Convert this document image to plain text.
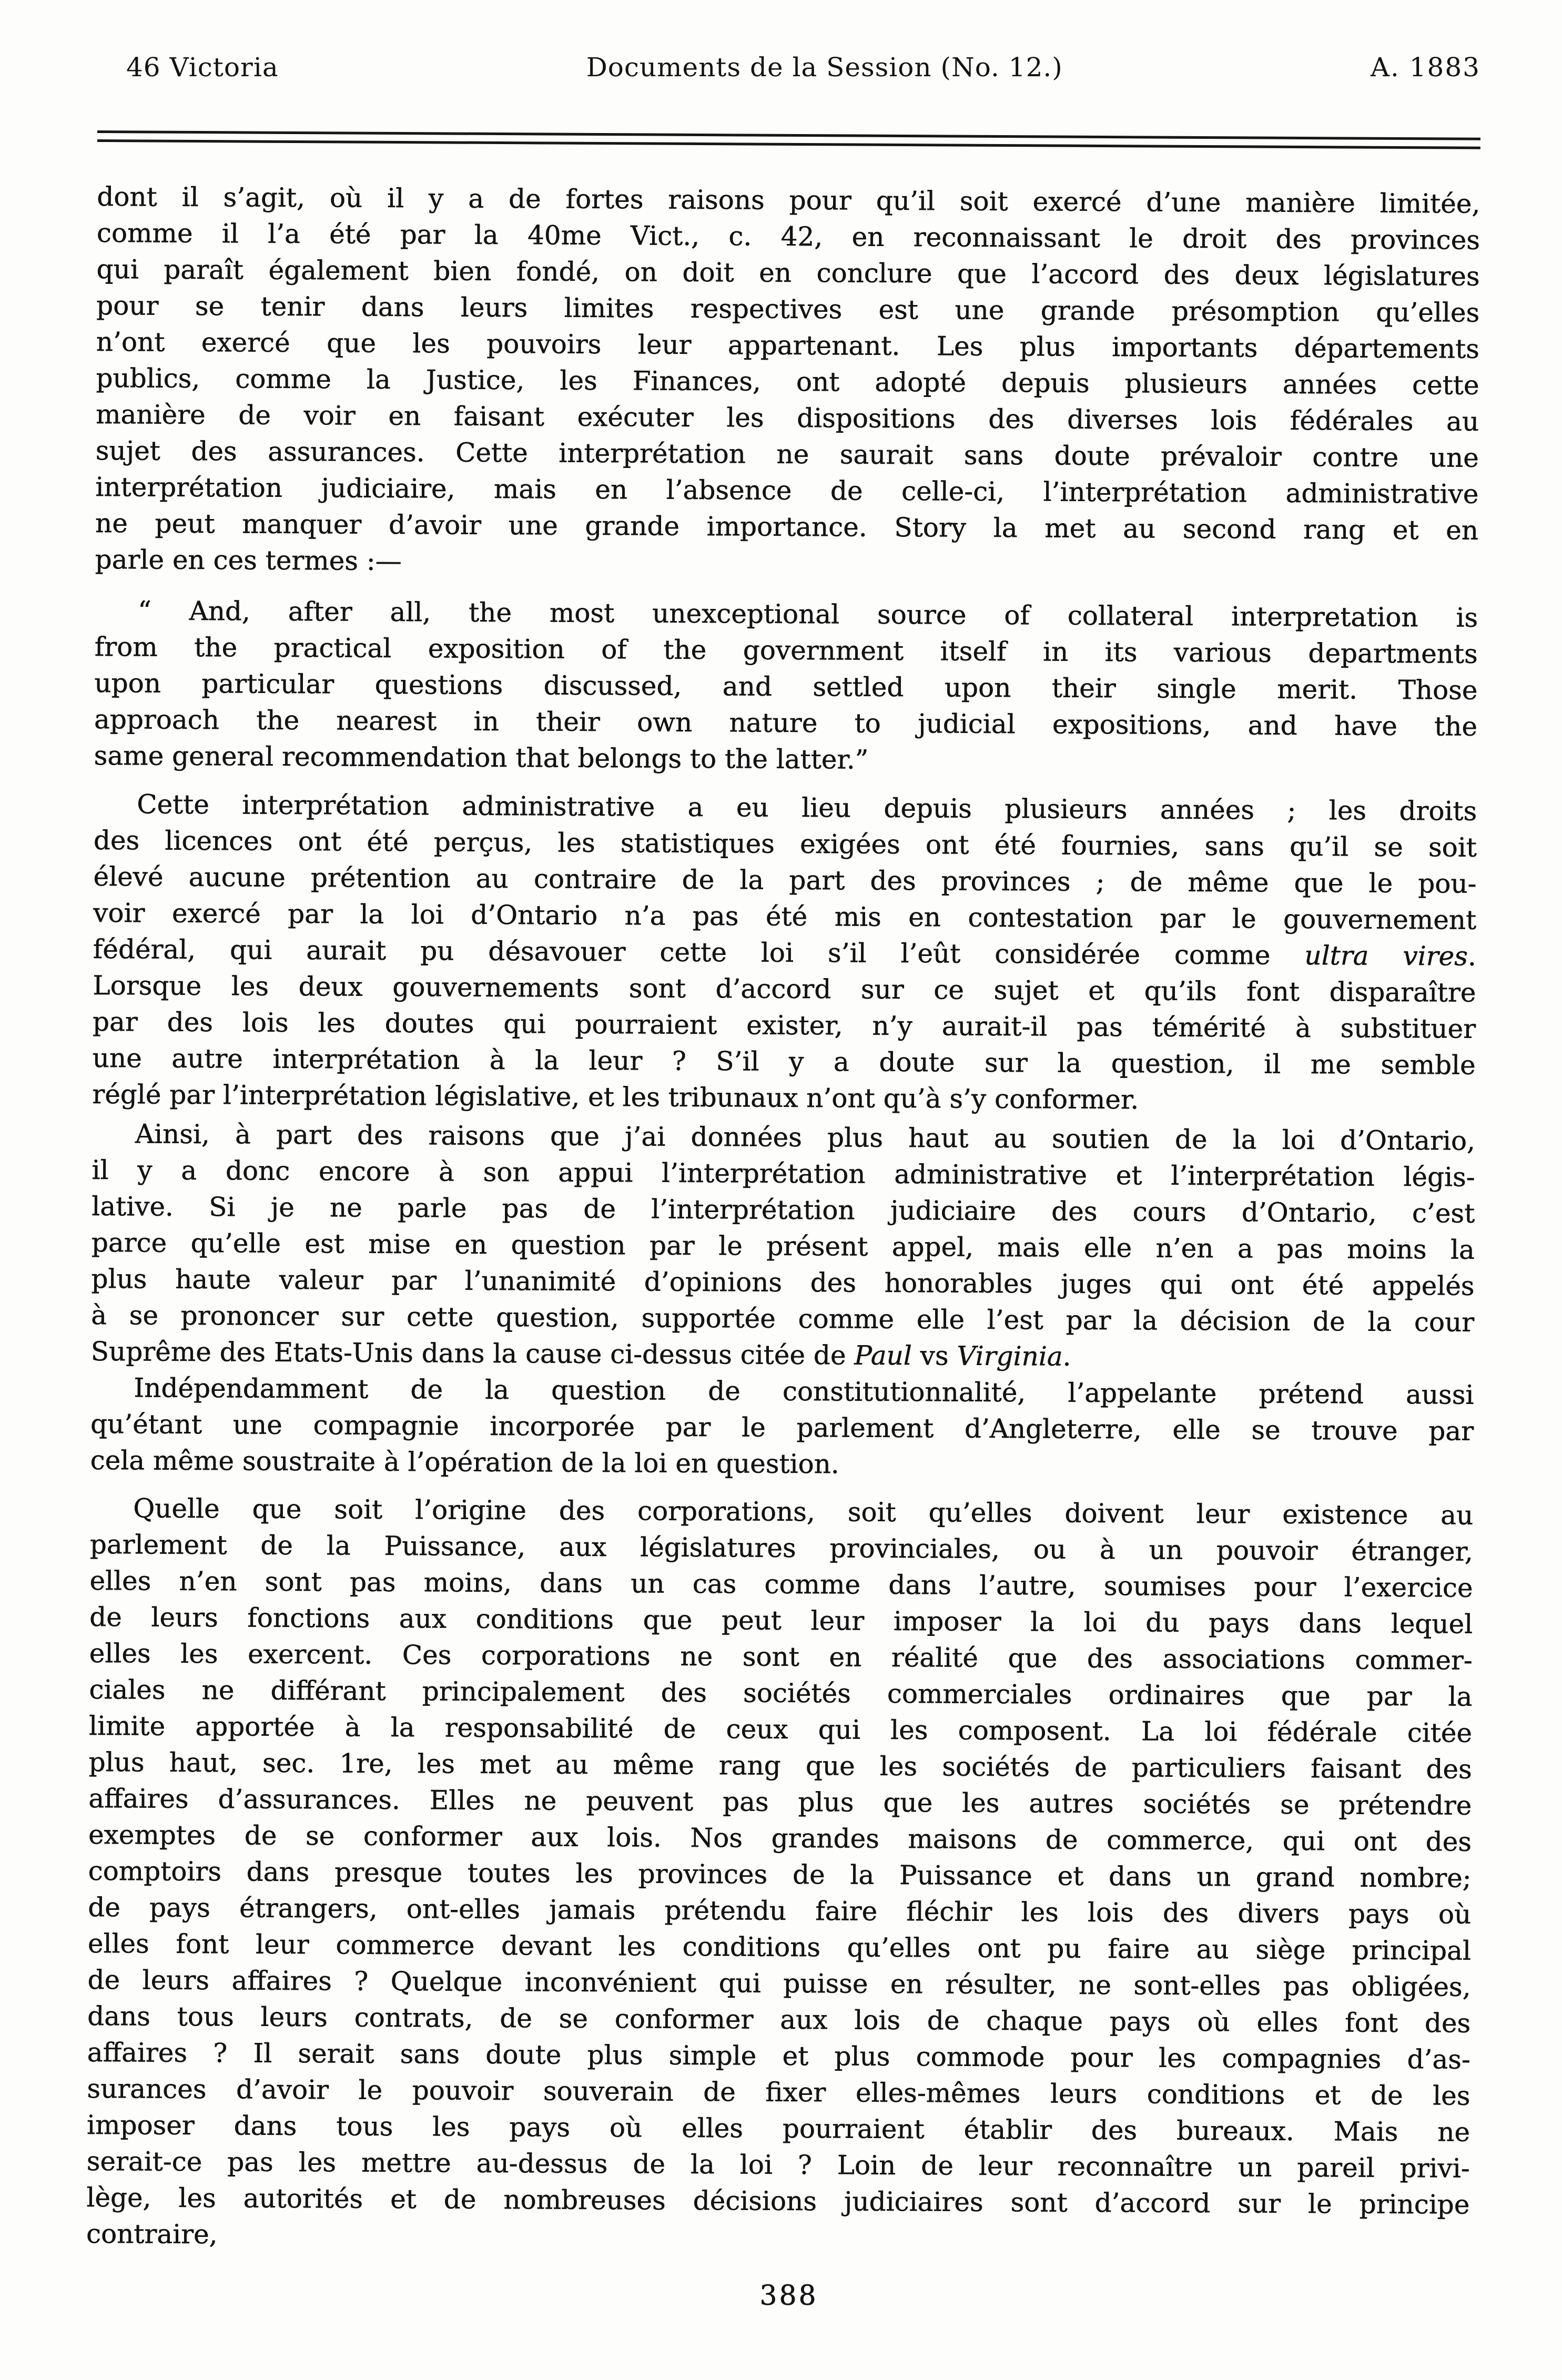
46 Victoria	Documents de la Session (No. 12.)	A. 1883
dont il s’agit, où il y a de fortes raisons pour qu’il soit exercé d’une manière limitée,
comme il l’a été par la 40me Vict., c. 42, en reconnaissant le droit des provinces
qui paraît également bien fondé, on doit en conclure que l’accord des deux législatures
pour se tenir dans leurs limites respectives est une grande présomption qu’elles
n’ont exercé que les pouvoirs leur appartenant. Les plus importants départements
publics, comme la Justice, les Finances, ont adopté depuis plusieurs années cette
manière de voir en faisant exécuter les dispositions des diverses lois fédérales au
sujet des assurances. Cette interprétation ne saurait sans doute prévaloir contre une
interprétation judiciaire, mais en l’absence de celle-ci, l’interprétation administrative
ne peut manquer d’avoir une grande importance. Story la met au second rang et en
parle en ces termes :—
“ And, after all, the most unexceptional source of collateral interpretation is
from the practical exposition of the government itself in its various departments
upon particular questions discussed, and settled upon their single merit. Those
approach the nearest in their own nature to judicial expositions, and have the
same general recommendation that belongs to the latter.”
Cette interprétation administrative a eu lieu depuis plusieurs années ; les droits
des licences ont été perçus, les statistiques exigées ont été fournies, sans qu’il se soit
élevé aucune prétention au contraire de la part des provinces ; de même que le pou-
voir exercé par la loi d’Ontario n’a pas été mis en contestation par le gouvernement
fédéral, qui aurait pu désavouer cette loi s’il l’eût considérée comme ultra vires.
Lorsque les deux gouvernements sont d’accord sur ce sujet et qu’ils font disparaître
par des lois les doutes qui pourraient exister, n’y aurait-il pas témérité à substituer
une autre interprétation à la leur ? S’il y a doute sur la question, il me semble
réglé par l’interprétation législative, et les tribunaux n’ont qu’à s’y conformer.
Ainsi, à part des raisons que j’ai données plus haut au soutien de la loi d’Ontario,
il y a donc encore à son appui l’interprétation administrative et l’interprétation légis-
lative. Si je ne parle pas de l’interprétation judiciaire des cours d’Ontario, c’est
parce qu’elle est mise en question par le présent appel, mais elle n’en a pas moins la
plus haute valeur par l’unanimité d’opinions des honorables juges qui ont été appelés
à se prononcer sur cette question, supportée comme elle l’est par la décision de la cour
Suprême des Etats-Unis dans la cause ci-dessus citée de Paul vs Virginia.
Indépendamment de la question de constitutionnalité, l’appelante prétend aussi
qu’étant une compagnie incorporée par le parlement d’Angleterre, elle se trouve par
cela même soustraite à l’opération de la loi en question.
Quelle que soit l’origine des corporations, soit qu’elles doivent leur existence au
parlement de la Puissance, aux législatures provinciales, ou à un pouvoir étranger,
elles n’en sont pas moins, dans un cas comme dans l’autre, soumises pour l’exercice
de leurs fonctions aux conditions que peut leur imposer la loi du pays dans lequel
elles les exercent. Ces corporations ne sont en réalité que des associations commer-
ciales ne différant principalement des sociétés commerciales ordinaires que par la
limite apportée à la responsabilité de ceux qui les composent. La loi fédérale citée
plus haut, sec. 1re, les met au même rang que les sociétés de particuliers faisant des
affaires d’assurances. Elles ne peuvent pas plus que les autres sociétés se prétendre
exemptes de se conformer aux lois. Nos grandes maisons de commerce, qui ont des
comptoirs dans presque toutes les provinces de la Puissance et dans un grand nombre;
de pays étrangers, ont-elles jamais prétendu faire fléchir les lois des divers pays où
elles font leur commerce devant les conditions qu’elles ont pu faire au siège principal
de leurs affaires ? Quelque inconvénient qui puisse en résulter, ne sont-elles pas obligées,
dans tous leurs contrats, de se conformer aux lois de chaque pays où elles font des
affaires ? Il serait sans doute plus simple et plus commode pour les compagnies d’as-
surances d’avoir le pouvoir souverain de fixer elles-mêmes leurs conditions et de les
imposer dans tous les pays où elles pourraient établir des bureaux. Mais ne
serait-ce pas les mettre au-dessus de la loi ? Loin de leur reconnaître un pareil privi-
lège, les autorités et de nombreuses décisions judiciaires sont d’accord sur le principe
contraire,
388
